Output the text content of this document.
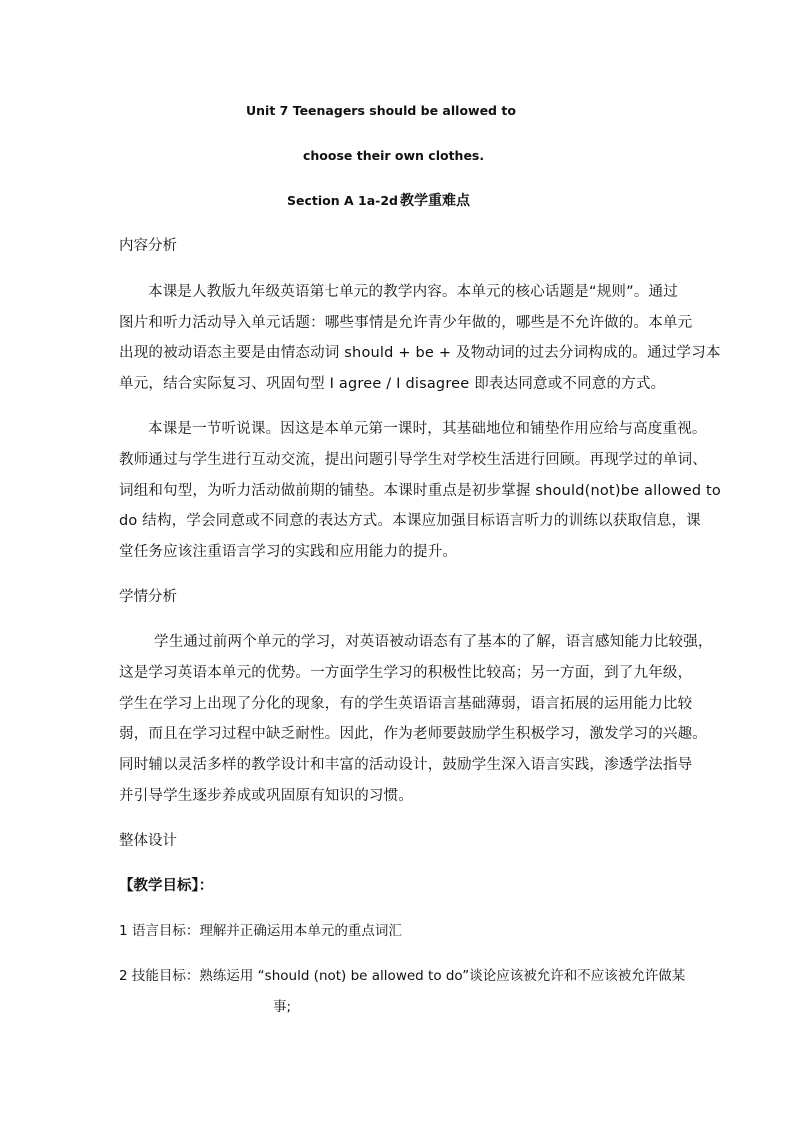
Unit 7 Teenagers should be allowed to
choose their own clothes.
Section A 1a-2d 教学重难点
内容分析
本课是人教版九年级英语第七单元的教学内容。本单元的核心话题是“规则”。通过
图片和听力活动导入单元话题：哪些事情是允许青少年做的，哪些是不允许做的。本单元
出现的被动语态主要是由情态动词 should + be + 及物动词的过去分词构成的。通过学习本
单元，结合实际复习、巩固句型 I agree / I disagree 即表达同意或不同意的方式。
本课是一节听说课。因这是本单元第一课时，其基础地位和铺垫作用应给与高度重视。
教师通过与学生进行互动交流，提出问题引导学生对学校生活进行回顾。再现学过的单词、
词组和句型，为听力活动做前期的铺垫。本课时重点是初步掌握 should(not)be allowed to
do 结构，学会同意或不同意的表达方式。本课应加强目标语言听力的训练以获取信息，课
堂任务应该注重语言学习的实践和应用能力的提升。
学情分析
学生通过前两个单元的学习，对英语被动语态有了基本的了解，语言感知能力比较强，
这是学习英语本单元的优势。一方面学生学习的积极性比较高；另一方面，到了九年级，
学生在学习上出现了分化的现象，有的学生英语语言基础薄弱，语言拓展的运用能力比较
弱，而且在学习过程中缺乏耐性。因此，作为老师要鼓励学生积极学习，激发学习的兴趣。
同时辅以灵活多样的教学设计和丰富的活动设计，鼓励学生深入语言实践，渗透学法指导
并引导学生逐步养成或巩固原有知识的习惯。
整体设计
【教学目标】：
1 语言目标：理解并正确运用本单元的重点词汇
2 技能目标：熟练运用 “should (not) be allowed to do”谈论应该被允许和不应该被允许做某
事;
